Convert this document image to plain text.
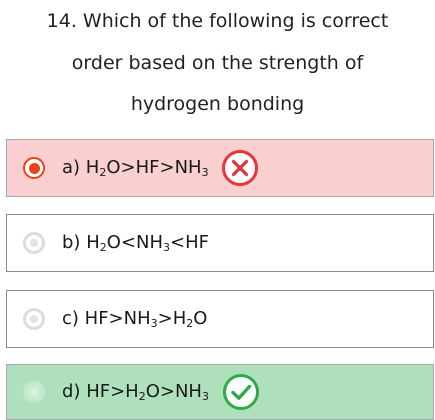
14. Which of the following is correct
order based on the strength of
hydrogen bonding
a) $H_2O>HF>NH_3$
b) $H_2O<NH_3<HF$
c) $HF>NH_3>H_2O$
d) $HF>H_2O>NH_3$
